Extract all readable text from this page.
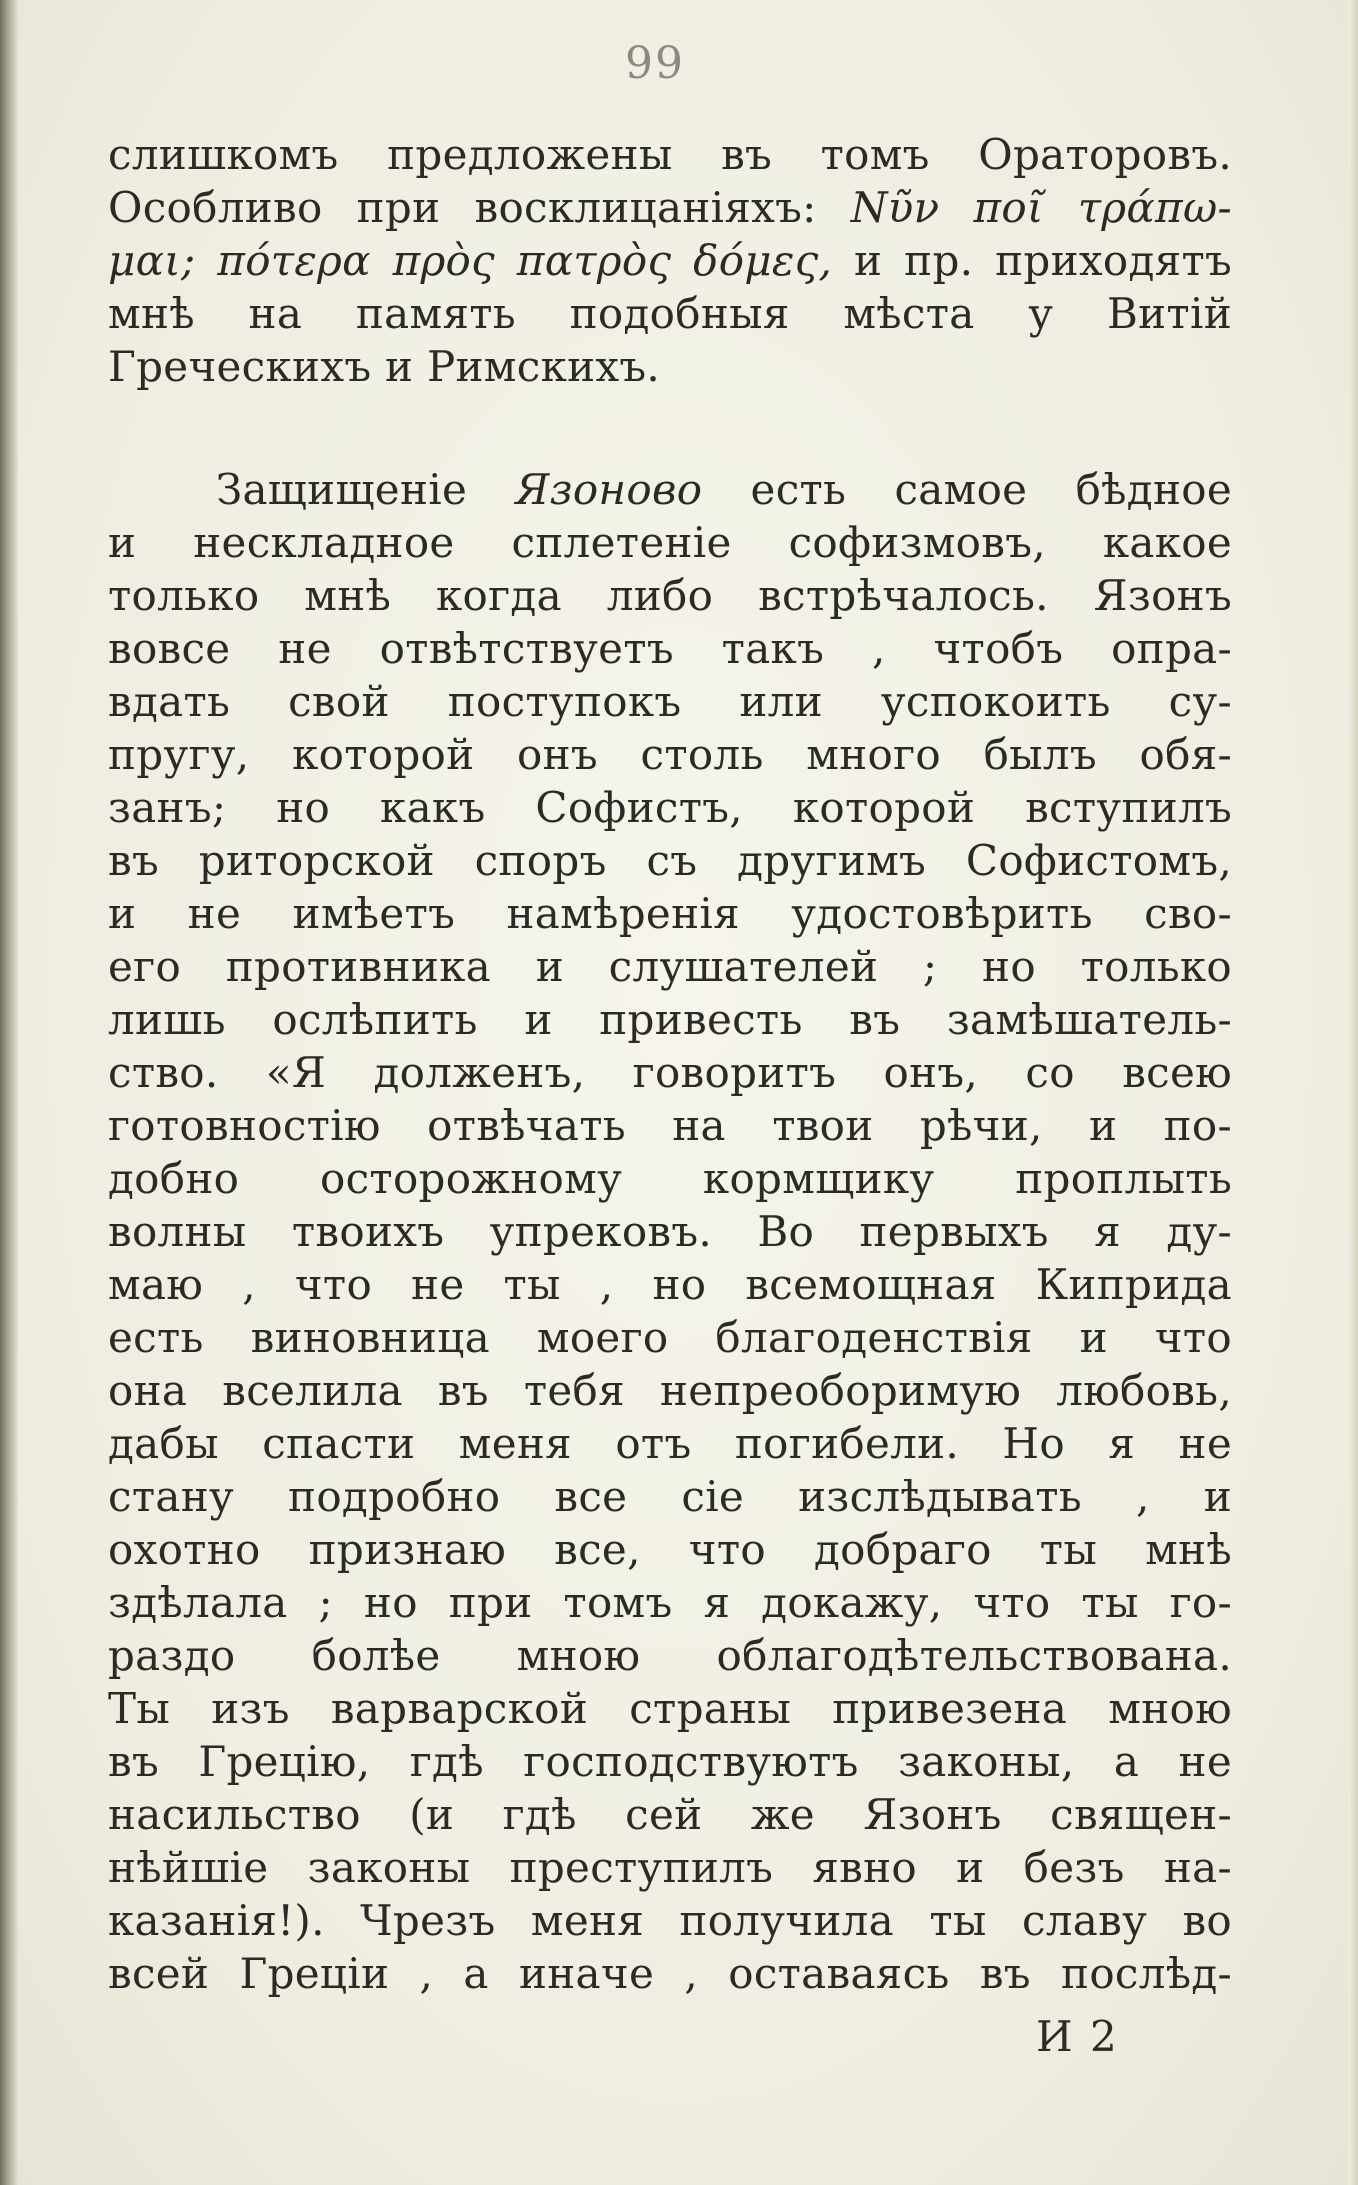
99
слишкомъ предложены въ томъ Ораторовъ.
Особливо при восклицаніяхъ: Νῦν ποῖ τράπω-
μαι; πότερα πρὸς πατρὸς δόμες, и пр. приходятъ
мнѣ на память подобныя мѣста у Витій
Греческихъ и Римскихъ.
Защищеніе Язоново есть самое бѣдное
и нескладное сплетеніе софизмовъ, какое
только мнѣ когда либо встрѣчалось. Язонъ
вовсе не отвѣтствуетъ такъ , чтобъ опра-
вдать свой поступокъ или успокоить су-
пругу, которой онъ столь много былъ обя-
занъ; но какъ Софистъ, которой вступилъ
въ риторской споръ съ другимъ Софистомъ,
и не имѣетъ намѣренія удостовѣрить сво-
его противника и слушателей ; но только
лишь ослѣпить и привесть въ замѣшатель-
ство. «Я долженъ, говоритъ онъ, со всею
готовностію отвѣчать на твои рѣчи, и по-
добно осторожному кормщику проплыть
волны твоихъ упрековъ. Во первыхъ я ду-
маю , что не ты , но всемощная Киприда
есть виновница моего благоденствія и что
она вселила въ тебя непреоборимую любовь,
дабы спасти меня отъ погибели. Но я не
стану подробно все сіе изслѣдывать , и
охотно признаю все, что добраго ты мнѣ
здѣлала ; но при томъ я докажу, что ты го-
раздо болѣе мною облагодѣтельствована.
Ты изъ варварской страны привезена мною
въ Грецію, гдѣ господствуютъ законы, а не
насильство (и гдѣ сей же Язонъ священ-
нѣйшіе законы преступилъ явно и безъ на-
казанія!). Чрезъ меня получила ты славу во
всей Греціи , а иначе , оставаясь въ послѣд-
И 2
